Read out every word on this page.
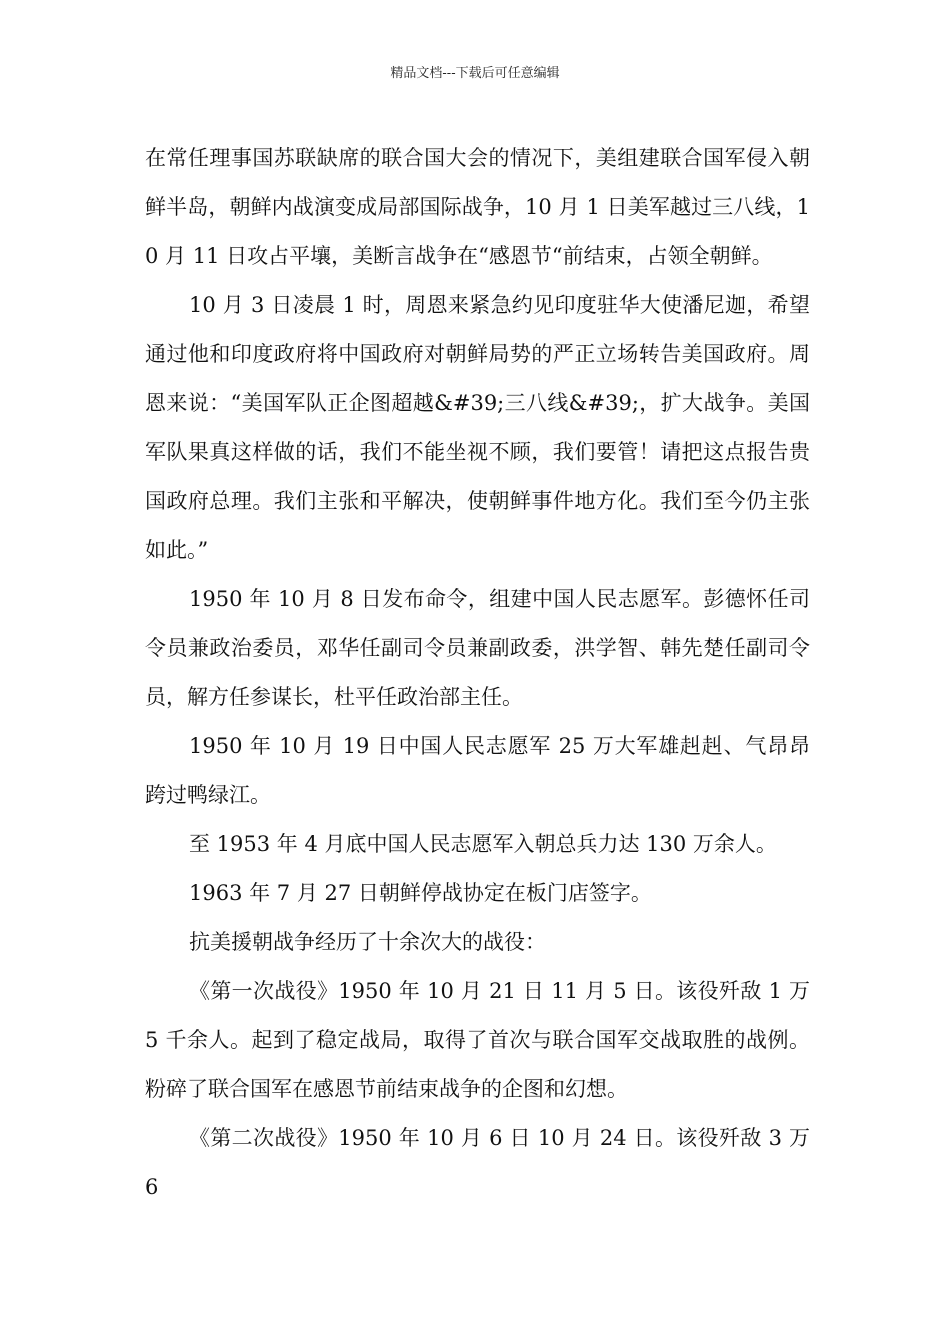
精品文档---下载后可任意编辑

在常任理事国苏联缺席的联合国大会的情况下，美组建联合国军侵入朝鲜半岛，朝鲜内战演变成局部国际战争，10 月 1 日美军越过三八线，10 月 11 日攻占平壤，美断言战争在“感恩节“前结束，占领全朝鲜。

10 月 3 日凌晨 1 时，周恩来紧急约见印度驻华大使潘尼迦，希望通过他和印度政府将中国政府对朝鲜局势的严正立场转告美国政府。周恩来说：“美国军队正企图超越&#39;三八线&#39;，扩大战争。美国军队果真这样做的话，我们不能坐视不顾，我们要管！请把这点报告贵国政府总理。我们主张和平解决，使朝鲜事件地方化。我们至今仍主张如此。”

1950 年 10 月 8 日发布命令，组建中国人民志愿军。彭德怀任司令员兼政治委员，邓华任副司令员兼副政委，洪学智、韩先楚任副司令员，解方任参谋长，杜平任政治部主任。

1950 年 10 月 19 日中国人民志愿军 25 万大军雄赳赳、气昂昂跨过鸭绿江。

至 1953 年 4 月底中国人民志愿军入朝总兵力达 130 万余人。

1963 年 7 月 27 日朝鲜停战协定在板门店签字。

抗美援朝战争经历了十余次大的战役：

《第一次战役》1950 年 10 月 21 日 11 月 5 日。该役歼敌 1 万 5 千余人。起到了稳定战局，取得了首次与联合国军交战取胜的战例。粉碎了联合国军在感恩节前结束战争的企图和幻想。

《第二次战役》1950 年 10 月 6 日 10 月 24 日。该役歼敌 3 万 6
